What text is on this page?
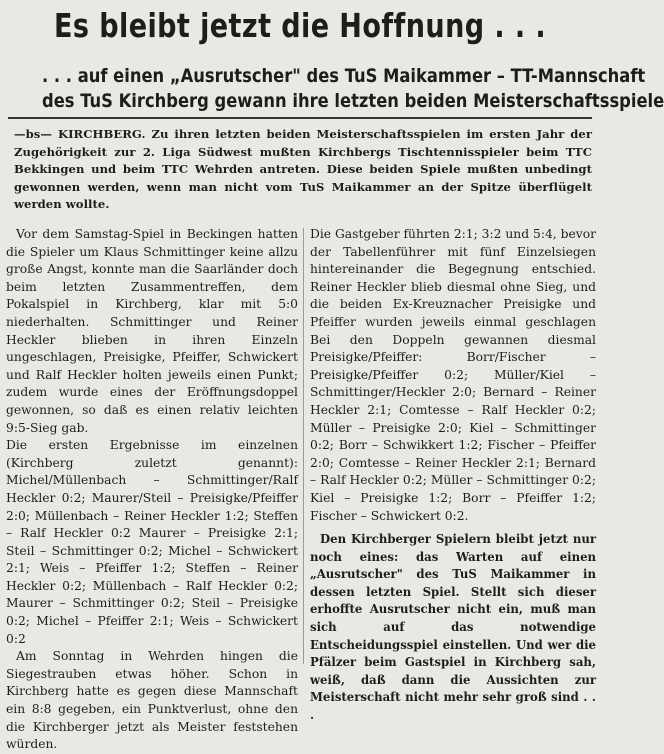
Es bleibt jetzt die Hoffnung . . .
. . . auf einen „Ausrutscher" des TuS Maikammer – TT-Mannschaft
des TuS Kirchberg gewann ihre letzten beiden Meisterschaftsspiele
—bs— KIRCHBERG. Zu ihren letzten beiden Meisterschaftsspielen im ersten Jahr der Zugehörigkeit zur 2. Liga Südwest mußten Kirchbergs Tischtennisspieler beim TTC Bekkingen und beim TTC Wehrden antreten. Diese beiden Spiele mußten unbedingt gewonnen werden, wenn man nicht vom TuS Maikammer an der Spitze überflügelt werden wollte.

Vor dem Samstag-Spiel in Beckingen hatten die Spieler um Klaus Schmittinger keine allzu große Angst, konnte man die Saarländer doch beim letzten Zusammentreffen, dem Pokalspiel in Kirchberg, klar mit 5:0 niederhalten. Schmittinger und Reiner Heckler blieben in ihren Einzeln ungeschlagen, Preisigke, Pfeiffer, Schwickert und Ralf Heckler holten jeweils einen Punkt; zudem wurde eines der Eröffnungsdoppel gewonnen, so daß es einen relativ leichten 9:5-Sieg gab.

Die ersten Ergebnisse im einzelnen (Kirchberg zuletzt genannt): Michel/Müllenbach – Schmittinger/Ralf Heckler 0:2; Maurer/Steil – Preisigke/Pfeiffer 2:0; Müllenbach – Reiner Heckler 1:2; Steffen – Ralf Heckler 0:2 Maurer – Preisigke 2:1; Steil – Schmittinger 0:2; Michel – Schwickert 2:1; Weis – Pfeiffer 1:2; Steffen – Reiner Heckler 0:2; Müllenbach – Ralf Heckler 0:2; Maurer – Schmittinger 0:2; Steil – Preisigke 0:2; Michel – Pfeiffer 2:1; Weis – Schwickert 0:2

Am Sonntag in Wehrden hingen die Siegestrauben etwas höher. Schon in Kirchberg hatte es gegen diese Mannschaft ein 8:8 gegeben, ein Punktverlust, ohne den die Kirchberger jetzt als Meister feststehen würden.

Die Gastgeber führten 2:1; 3:2 und 5:4, bevor der Tabellenführer mit fünf Einzelsiegen hintereinander die Begegnung entschied. Reiner Heckler blieb diesmal ohne Sieg, und die beiden Ex-Kreuznacher Preisigke und Pfeiffer wurden jeweils einmal geschlagen Bei den Doppeln gewannen diesmal Preisigke/Pfeiffer: Borr/Fischer – Preisigke/Pfeiffer 0:2; Müller/Kiel – Schmittinger/Heckler 2:0; Bernard – Reiner Heckler 2:1; Comtesse – Ralf Heckler 0:2; Müller – Preisigke 2:0; Kiel – Schmittinger 0:2; Borr – Schwikkert 1:2; Fischer – Pfeiffer 2:0; Comtesse – Reiner Heckler 2:1; Bernard – Ralf Heckler 0:2; Müller – Schmittinger 0:2; Kiel – Preisigke 1:2; Borr – Pfeiffer 1:2; Fischer – Schwickert 0:2.

Den Kirchberger Spielern bleibt jetzt nur noch eines: das Warten auf einen „Ausrutscher" des TuS Maikammer in dessen letzten Spiel. Stellt sich dieser erhoffte Ausrutscher nicht ein, muß man sich auf das notwendige Entscheidungsspiel einstellen. Und wer die Pfälzer beim Gastspiel in Kirchberg sah, weiß, daß dann die Aussichten zur Meisterschaft nicht mehr sehr groß sind . . .
